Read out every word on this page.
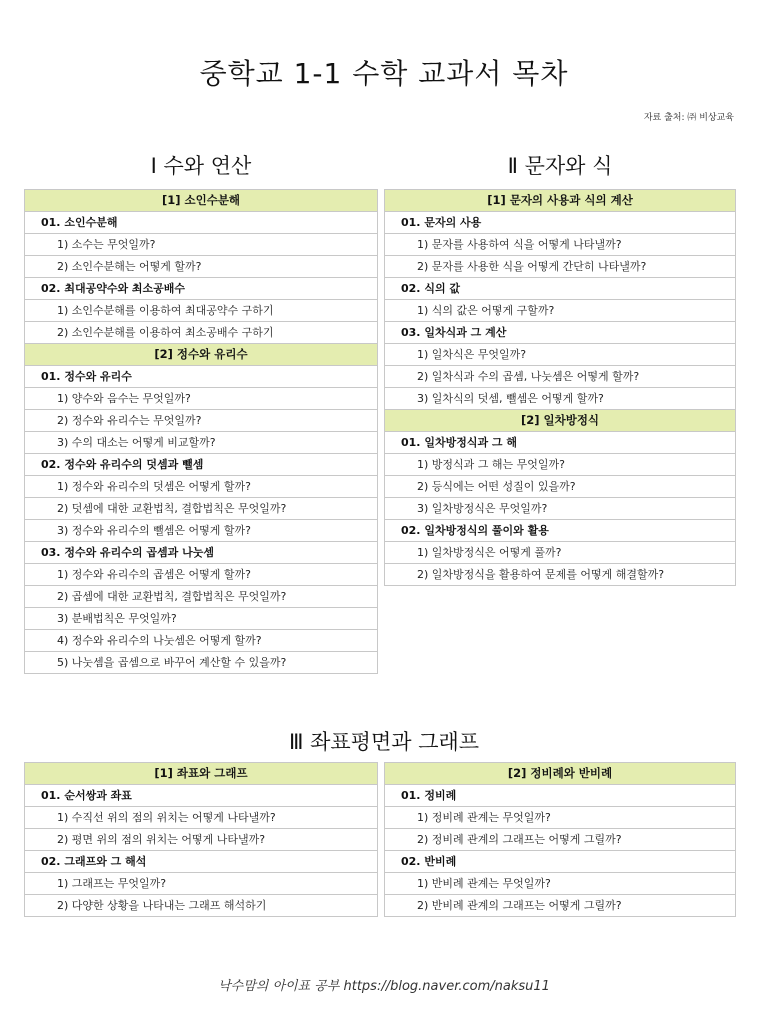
중학교 1-1 수학 교과서 목차
자료 출처: ㈜ 비상교육
Ⅰ 수와 연산	Ⅱ 문자와 식
[1] 소인수분해
01. 소인수분해
1) 소수는 무엇일까?
2) 소인수분해는 어떻게 할까?
02. 최대공약수와 최소공배수
1) 소인수분해를 이용하여 최대공약수 구하기
2) 소인수분해를 이용하여 최소공배수 구하기
[2] 정수와 유리수
01. 정수와 유리수
1) 양수와 음수는 무엇일까?
2) 정수와 유리수는 무엇일까?
3) 수의 대소는 어떻게 비교할까?
02. 정수와 유리수의 덧셈과 뺄셈
1) 정수와 유리수의 덧셈은 어떻게 할까?
2) 덧셈에 대한 교환법칙, 결합법칙은 무엇일까?
3) 정수와 유리수의 뺄셈은 어떻게 할까?
03. 정수와 유리수의 곱셈과 나눗셈
1) 정수와 유리수의 곱셈은 어떻게 할까?
2) 곱셈에 대한 교환법칙, 결합법칙은 무엇일까?
3) 분배법칙은 무엇일까?
4) 정수와 유리수의 나눗셈은 어떻게 할까?
5) 나눗셈을 곱셈으로 바꾸어 계산할 수 있을까?
[1] 문자의 사용과 식의 계산
01. 문자의 사용
1) 문자를 사용하여 식을 어떻게 나타낼까?
2) 문자를 사용한 식을 어떻게 간단히 나타낼까?
02. 식의 값
1) 식의 값은 어떻게 구할까?
03. 일차식과 그 계산
1) 일차식은 무엇일까?
2) 일차식과 수의 곱셈, 나눗셈은 어떻게 할까?
3) 일차식의 덧셈, 뺄셈은 어떻게 할까?
[2] 일차방정식
01. 일차방정식과 그 해
1) 방정식과 그 해는 무엇일까?
2) 등식에는 어떤 성질이 있을까?
3) 일차방정식은 무엇일까?
02. 일차방정식의 풀이와 활용
1) 일차방정식은 어떻게 풀까?
2) 일차방정식을 활용하여 문제를 어떻게 해결할까?
Ⅲ 좌표평면과 그래프
[1] 좌표와 그래프
01. 순서쌍과 좌표
1) 수직선 위의 점의 위치는 어떻게 나타낼까?
2) 평면 위의 점의 위치는 어떻게 나타낼까?
02. 그래프와 그 해석
1) 그래프는 무엇일까?
2) 다양한 상황을 나타내는 그래프 해석하기
[2] 정비례와 반비례
01. 정비례
1) 정비례 관계는 무엇일까?
2) 정비례 관계의 그래프는 어떻게 그릴까?
02. 반비례
1) 반비례 관계는 무엇일까?
2) 반비례 관계의 그래프는 어떻게 그릴까?
낙수맘의 아이표 공부 https://blog.naver.com/naksu11
